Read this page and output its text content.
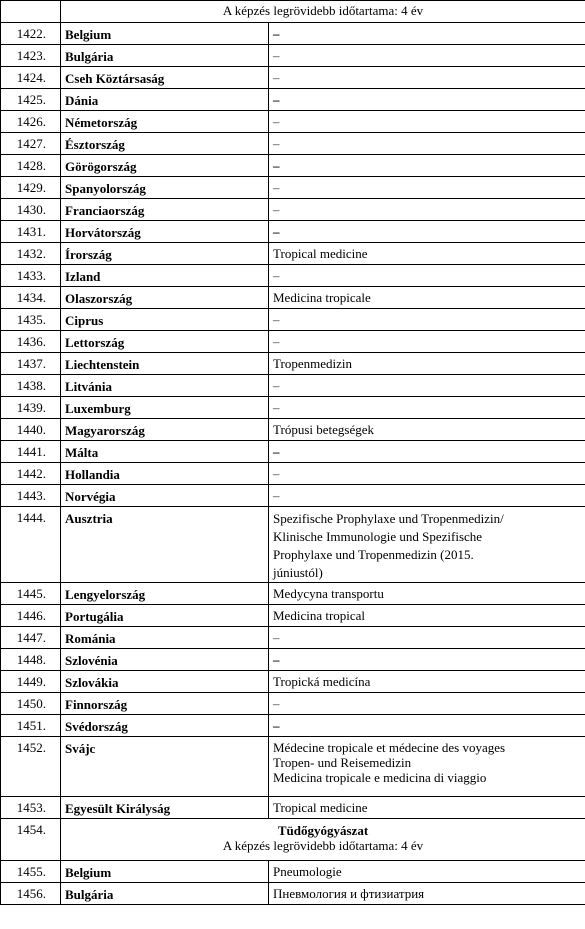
	A képzés legrövidebb időtartama: 4 év	
1422.	Belgium	–

1423.	Bulgária	–

1424.	Cseh Köztársaság	–

1425.	Dánia	–

1426.	Németország	–

1427.	Észtország	–

1428.	Görögország	–

1429.	Spanyolország	–

1430.	Franciaország	–

1431.	Horvátország	–

1432.	Írország	Tropical medicine

1433.	Izland	–

1434.	Olaszország	Medicina tropicale

1435.	Ciprus	–

1436.	Lettország	–

1437.	Liechtenstein	Tropenmedizin

1438.	Litvánia	–

1439.	Luxemburg	–

1440.	Magyarország	Trópusi betegségek

1441.	Málta	–

1442.	Hollandia	–

1443.	Norvégia	–

1444.	Ausztria	Spezifische Prophylaxe und Tropenmedizin/
Klinische Immunologie und Spezifische
Prophylaxe und Tropenmedizin (2015.
júniustól)

1445.	Lengyelország	Medycyna transportu

1446.	Portugália	Medicina tropical

1447.	Románia	–

1448.	Szlovénia	–

1449.	Szlovákia	Tropická medicína

1450.	Finnország	–

1451.	Svédország	–

1452.	Svájc	Médecine tropicale et médecine des voyages
Tropen- und Reisemedizin
Medicina tropicale e medicina di viaggio

1453.	Egyesült Királyság	Tropical medicine

1454.	Tüdőgyógyászat
A képzés legrövidebb időtartama: 4 év	

1455.	Belgium	Pneumologie

1456.	Bulgária	Пневмология и фтизиатрия
